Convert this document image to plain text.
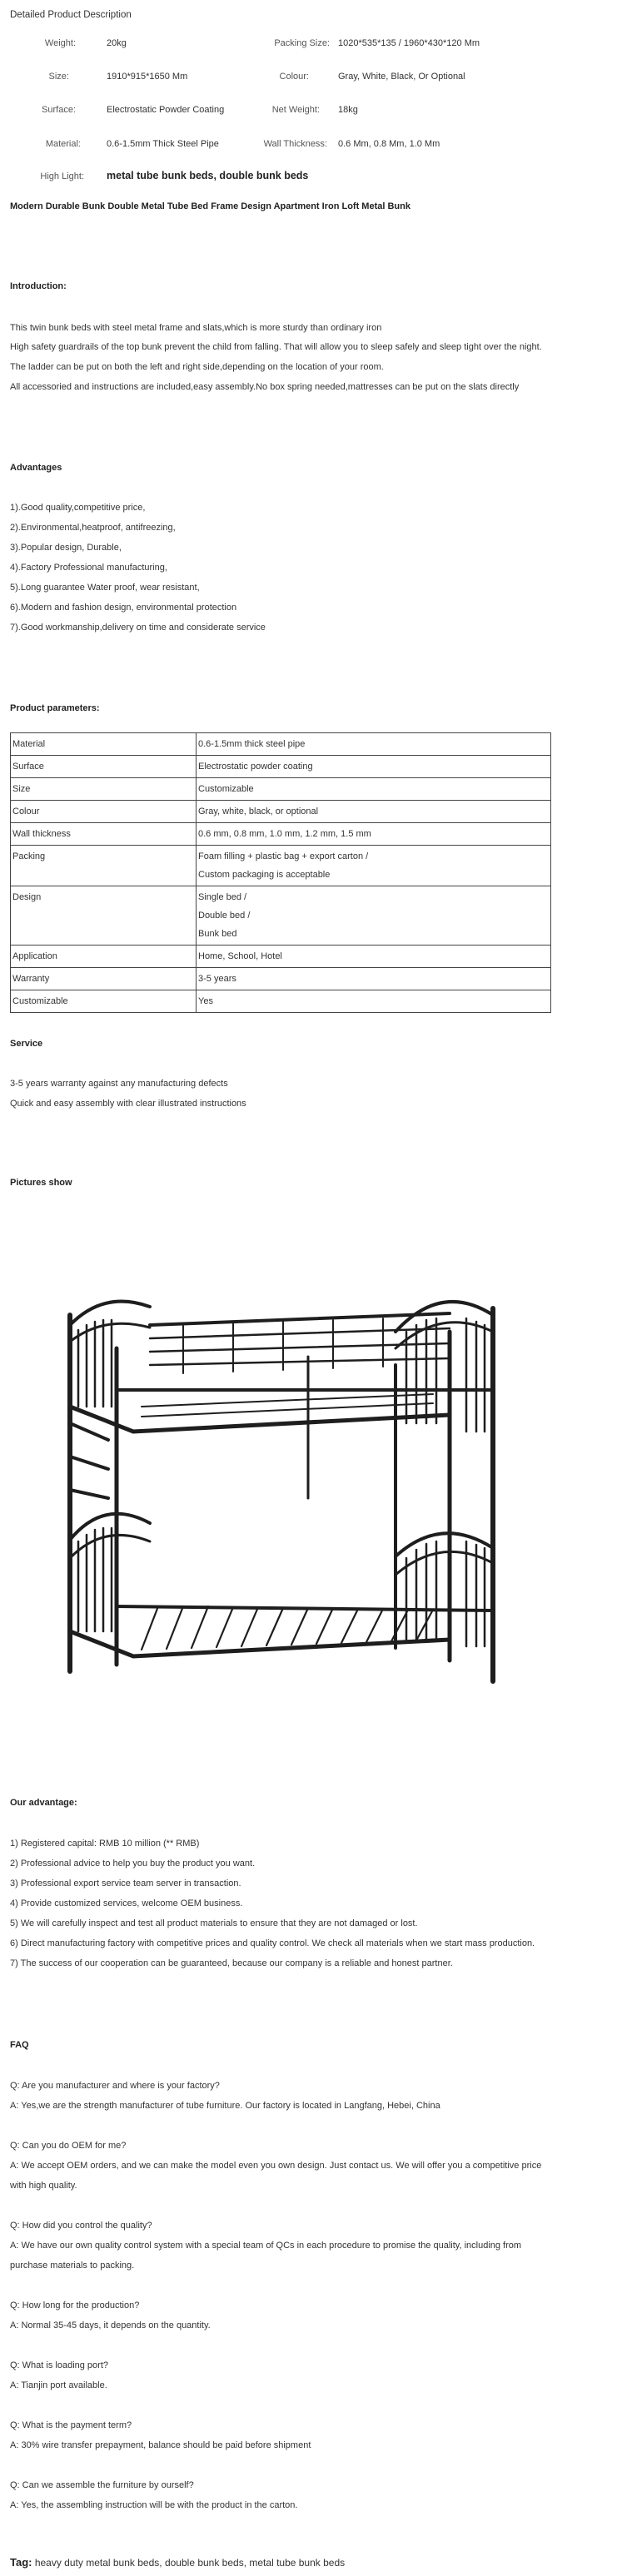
Detailed Product Description
Weight:	20kg	Packing Size: 1020*535*135 / 1960*430*120 Mm
Size:	1910*915*1650 Mm	Colour:	Gray, White, Black, Or Optional
Surface:	Electrostatic Powder Coating	Net Weight: 18kg
Material:	0.6-1.5mm Thick Steel Pipe	Wall Thickness: 0.6 Mm, 0.8 Mm, 1.0 Mm
High Light: metal tube bunk beds, double bunk beds
Modern Durable Bunk Double Metal Tube Bed Frame Design Apartment Iron Loft Metal Bunk
Introduction:
This twin bunk beds with steel metal frame and slats,which is more sturdy than ordinary iron
High safety guardrails of the top bunk prevent the child from falling. That will allow you to sleep safely and sleep tight over the night.
The ladder can be put on both the left and right side,depending on the location of your room.
All accessoried and instructions are included,easy assembly.No box spring needed,mattresses can be put on the slats directly
Advantages
1).Good quality,competitive price,
2).Environmental,heatproof, antifreezing,
3).Popular design, Durable,
4).Factory Professional manufacturing,
5).Long guarantee Water proof, wear resistant,
6).Modern and fashion design, environmental protection
7).Good workmanship,delivery on time and considerate service
Product parameters:
Material	0.6-1.5mm thick steel pipe
Surface	Electrostatic powder coating
Size	Customizable
Colour	Gray, white, black, or optional
Wall thickness	0.6 mm, 0.8 mm, 1.0 mm, 1.2 mm, 1.5 mm
Packing	Foam filling + plastic bag + export carton /
Custom packaging is acceptable

Design	Single bed /
Double bed /
Bunk bed

Application	Home, School, Hotel
Warranty	3-5 years
Customizable	Yes
Service
3-5 years warranty against any manufacturing defects
Quick and easy assembly with clear illustrated instructions
Pictures show
Our advantage:
1) Registered capital: RMB 10 million (** RMB)
2) Professional advice to help you buy the product you want.
3) Professional export service team server in transaction.
4) Provide customized services, welcome OEM business.
5) We will carefully inspect and test all product materials to ensure that they are not damaged or lost.
6) Direct manufacturing factory with competitive prices and quality control. We check all materials when we start mass production.
7) The success of our cooperation can be guaranteed, because our company is a reliable and honest partner.
FAQ
Q: Are you manufacturer and where is your factory?
A: Yes,we are the strength manufacturer of tube furniture. Our factory is located in Langfang, Hebei, China
Q: Can you do OEM for me?
A: We accept OEM orders, and we can make the model even you own design. Just contact us. We will offer you a competitive price
with high quality.
Q: How did you control the quality?
A: We have our own quality control system with a special team of QCs in each procedure to promise the quality, including from
purchase materials to packing.
Q: How long for the production?
A: Normal 35-45 days, it depends on the quantity.
Q: What is loading port?
A: Tianjin port available.
Q: What is the payment term?
A: 30% wire transfer prepayment, balance should be paid before shipment
Q: Can we assemble the furniture by ourself?
A: Yes, the assembling instruction will be with the product in the carton.
Tag: heavy duty metal bunk beds, double bunk beds, metal tube bunk beds
